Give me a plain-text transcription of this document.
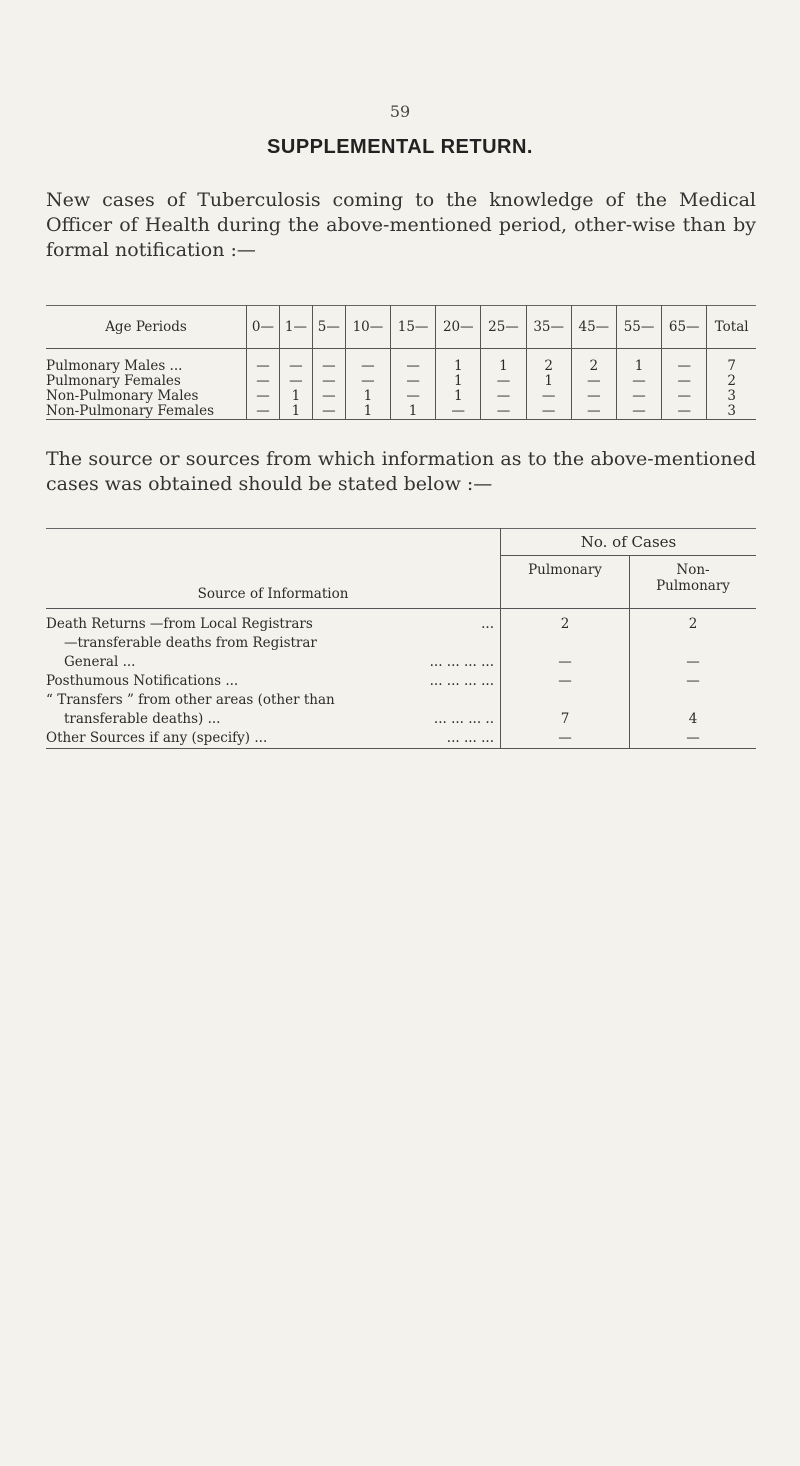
59
SUPPLEMENTAL RETURN.
New cases of Tuberculosis coming to the knowledge of the Medical Officer of Health during the above-mentioned period, other-wise than by formal notification :—
Age Periods	0—	1—	5—	10—	15—	20—	25—	35—	45—	55—	65—	Total
Pulmonary Males ...	—	—	—	—	—	1	1	2	2	1	—	7
Pulmonary Females	—	—	—	—	—	1	—	1	—	—	—	2
Non-Pulmonary Males	—	1	—	1	—	1	—	—	—	—	—	3
Non-Pulmonary Females	—	1	—	1	1	—	—	—	—	—	—	3
The source or sources from which information as to the above-mentioned cases was obtained should be stated below :—
Source of Information	No. of Cases	
	Pulmonary	Non-
Pulmonary

Death Returns —from Local Registrars ...	2	2

—transferable deaths from Registrar		

General ... ... ... ... ...	—	—

Posthumous Notifications ... ... ... ... ...	—	—

“ Transfers ” from other areas (other than		

transferable deaths) ... ... ... ... ..	7	4

Other Sources if any (specify) ... ... ... ...	—	—
